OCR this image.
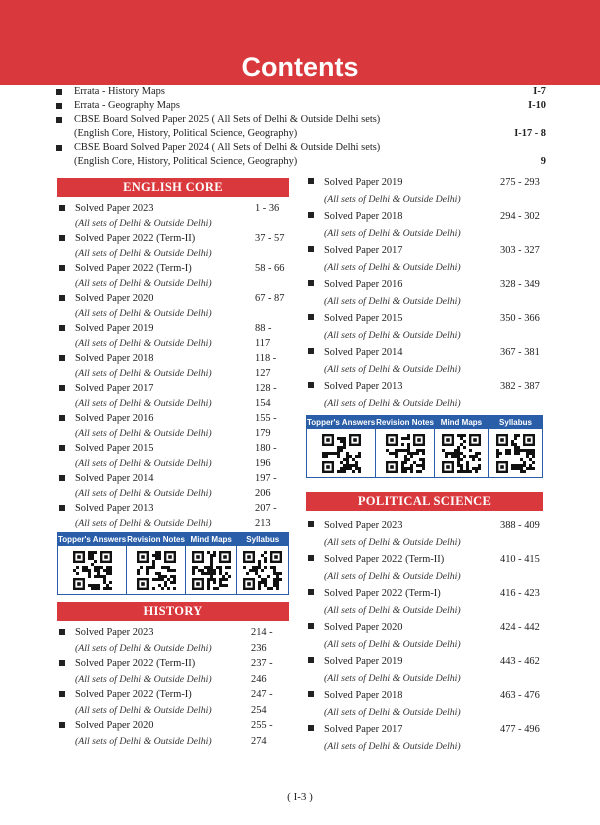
Contents
Errata - History Maps	I-7
Errata - Geography Maps	I-10
CBSE Board Solved Paper 2025 ( All Sets of Delhi & Outside Delhi sets)
(English Core, History, Political Science, Geography)	I-17 - 8
CBSE Board Solved Paper 2024 ( All Sets of Delhi & Outside Delhi sets)
(English Core, History, Political Science, Geography)	9
ENGLISH CORE
Solved Paper 2023	1 - 36
(All sets of Delhi & Outside Delhi)
Solved Paper 2022 (Term-II)	37 - 57
(All sets of Delhi & Outside Delhi)
Solved Paper 2022 (Term-I)	58 - 66
(All sets of Delhi & Outside Delhi)
Solved Paper 2020	67 - 87
(All sets of Delhi & Outside Delhi)
Solved Paper 2019	88 - 117
(All sets of Delhi & Outside Delhi)
Solved Paper 2018	118 - 127
(All sets of Delhi & Outside Delhi)
Solved Paper 2017	128 - 154
(All sets of Delhi & Outside Delhi)
Solved Paper 2016	155 - 179
(All sets of Delhi & Outside Delhi)
Solved Paper 2015	180 - 196
(All sets of Delhi & Outside Delhi)
Solved Paper 2014	197 - 206
(All sets of Delhi & Outside Delhi)
Solved Paper 2013	207 - 213
(All sets of Delhi & Outside Delhi)
Topper's Answers Revision Notes Mind Maps	Syllabus
HISTORY
Solved Paper 2023	214 - 236
(All sets of Delhi & Outside Delhi)
Solved Paper 2022 (Term-II)	237 - 246
(All sets of Delhi & Outside Delhi)
Solved Paper 2022 (Term-I)	247 - 254
(All sets of Delhi & Outside Delhi)
Solved Paper 2020	255 - 274
(All sets of Delhi & Outside Delhi)
Solved Paper 2019	275 - 293
(All sets of Delhi & Outside Delhi)
Solved Paper 2018	294 - 302
(All sets of Delhi & Outside Delhi)
Solved Paper 2017	303 - 327
(All sets of Delhi & Outside Delhi)
Solved Paper 2016	328 - 349
(All sets of Delhi & Outside Delhi)
Solved Paper 2015	350 - 366
(All sets of Delhi & Outside Delhi)
Solved Paper 2014	367 - 381
(All sets of Delhi & Outside Delhi)
Solved Paper 2013	382 - 387
(All sets of Delhi & Outside Delhi)
Topper's Answers Revision Notes Mind Maps	Syllabus
POLITICAL SCIENCE
Solved Paper 2023	388 - 409
(All sets of Delhi & Outside Delhi)
Solved Paper 2022 (Term-II)	410 - 415
(All sets of Delhi & Outside Delhi)
Solved Paper 2022 (Term-I)	416 - 423
(All sets of Delhi & Outside Delhi)
Solved Paper 2020	424 - 442
(All sets of Delhi & Outside Delhi)
Solved Paper 2019	443 - 462
(All sets of Delhi & Outside Delhi)
Solved Paper 2018	463 - 476
(All sets of Delhi & Outside Delhi)
Solved Paper 2017	477 - 496
(All sets of Delhi & Outside Delhi)
( I-3 )
